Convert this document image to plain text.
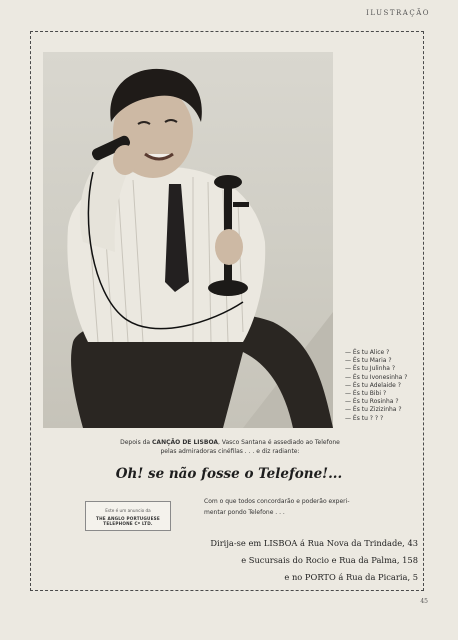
ILUSTRAÇÃO
— És tu Alice ?
— És tu Maria ?
— És tu Julinha ?
— És tu Ivonesinha ?
— És tu Adelaide ?
— És tu Bibi ?
— És tu Rosinha ?
— És tu Zizizinha ?
— És tu ? ? ?
Depois da CANÇÃO DE LISBOA, Vasco Santana é assediado ao Telefone
pelas admiradoras cinéfilas . . . e diz radiante:
Oh! se não fosse o Telefone!...
Este é um anuncio da
THE ANGLO PORTUGUESE TELEPHONE Cº LTD.
Com o que todos concordarão e poderão experi-
mentar pondo Telefone . . .
Dirija-se em LISBOA á Rua Nova da Trindade, 43
e Sucursais do Rocio e Rua da Palma, 158
e no PORTO á Rua da Picaria, 5
45
